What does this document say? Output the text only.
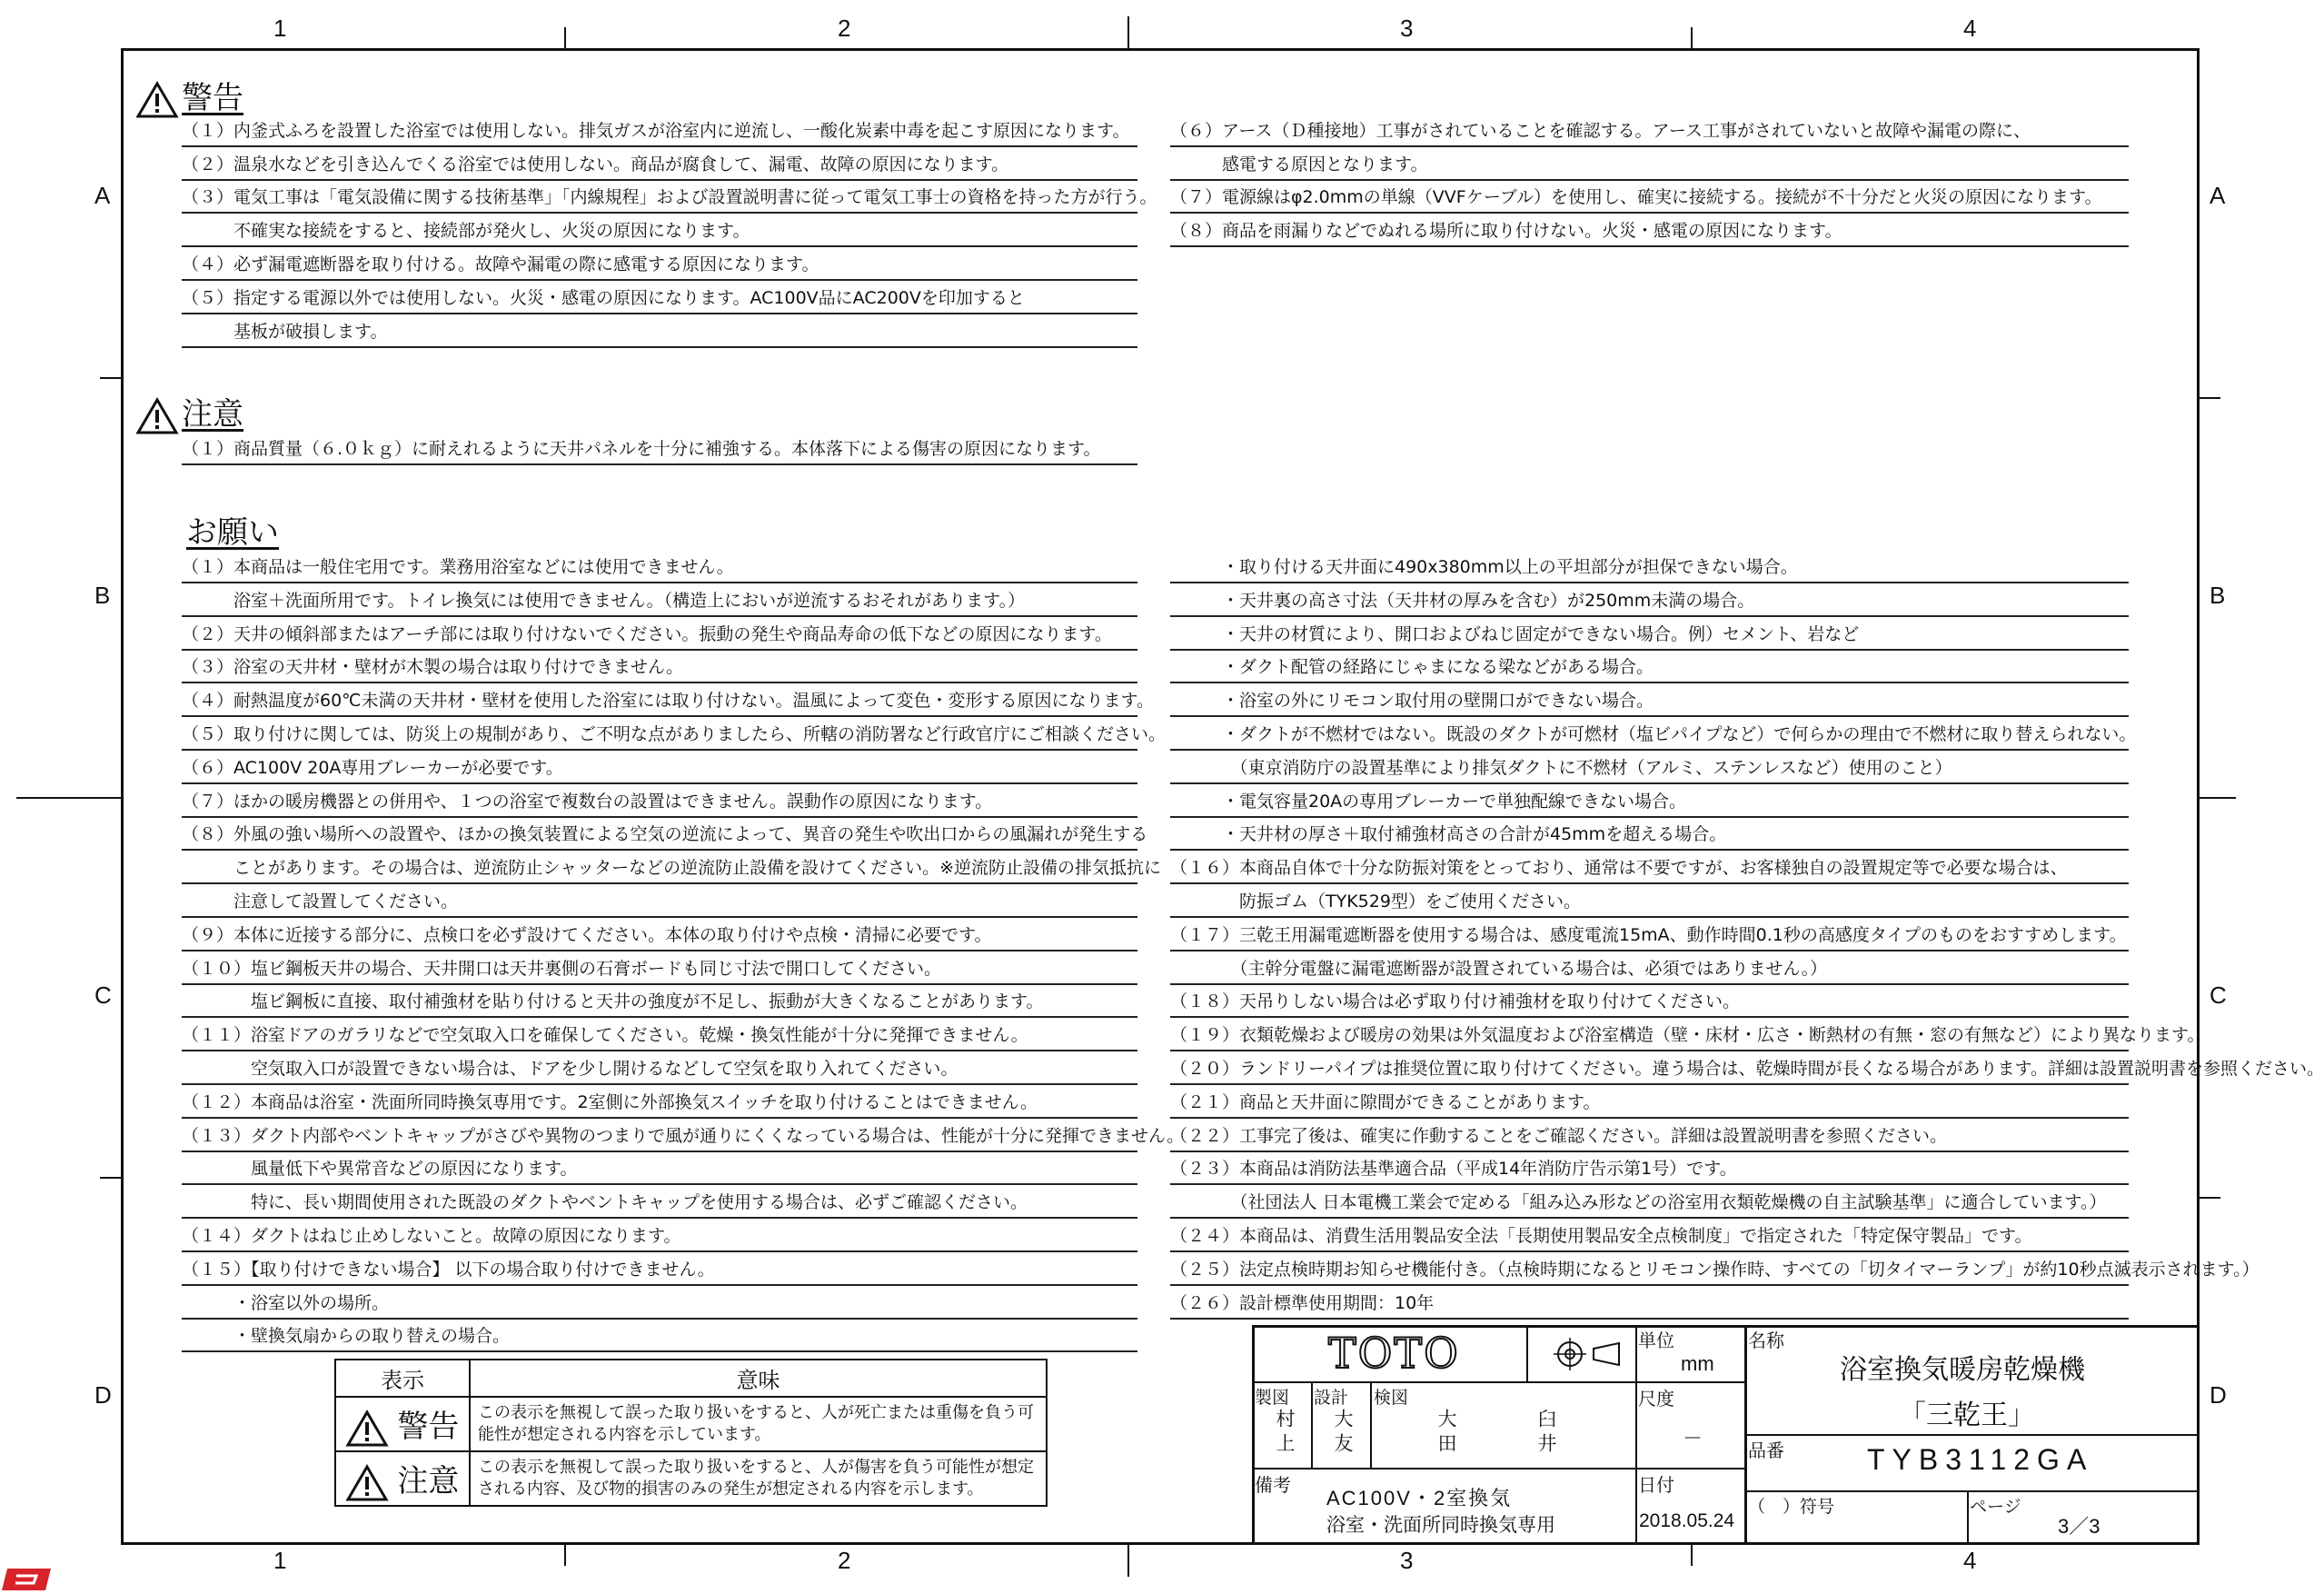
1	2	3	4
1	2	3	4
A
B
C
D
A
B
C
D
警告
注意
お願い
（１）内釜式ふろを設置した浴室では使用しない。排気ガスが浴室内に逆流し、一酸化炭素中毒を起こす原因になります。
（２）温泉水などを引き込んでくる浴室では使用しない。商品が腐食して、漏電、故障の原因になります。
（３）電気工事は「電気設備に関する技術基準」「内線規程」および設置説明書に従って電気工事士の資格を持った方が行う。
　　　不確実な接続をすると、接続部が発火し、火災の原因になります。
（４）必ず漏電遮断器を取り付ける。故障や漏電の際に感電する原因になります。
（５）指定する電源以外では使用しない。火災・感電の原因になります。AC100V品にAC200Vを印加すると
　　　基板が破損します。
（６）アース（Ｄ種接地）工事がされていることを確認する。アース工事がされていないと故障や漏電の際に、
　　　感電する原因となります。
（７）電源線はφ2.0mmの単線（VVFケーブル）を使用し、確実に接続する。接続が不十分だと火災の原因になります。
（８）商品を雨漏りなどでぬれる場所に取り付けない。火災・感電の原因になります。
（１）商品質量（６.０ｋｇ）に耐えれるように天井パネルを十分に補強する。本体落下による傷害の原因になります。
（１）本商品は一般住宅用です。業務用浴室などには使用できません。
　　　浴室＋洗面所用です。トイレ換気には使用できません。（構造上においが逆流するおそれがあります。）
（２）天井の傾斜部またはアーチ部には取り付けないでください。振動の発生や商品寿命の低下などの原因になります。
（３）浴室の天井材・壁材が木製の場合は取り付けできません。
（４）耐熱温度が60℃未満の天井材・壁材を使用した浴室には取り付けない。温風によって変色・変形する原因になります。
（５）取り付けに関しては、防災上の規制があり、ご不明な点がありましたら、所轄の消防署など行政官庁にご相談ください。
（６）AC100V 20A専用ブレーカーが必要です。
（７）ほかの暖房機器との併用や、１つの浴室で複数台の設置はできません。誤動作の原因になります。
（８）外風の強い場所への設置や、ほかの換気装置による空気の逆流によって、異音の発生や吹出口からの風漏れが発生する
　　　ことがあります。その場合は、逆流防止シャッターなどの逆流防止設備を設けてください。※逆流防止設備の排気抵抗に
　　　注意して設置してください。
（９）本体に近接する部分に、点検口を必ず設けてください。本体の取り付けや点検・清掃に必要です。
（１０）塩ビ鋼板天井の場合、天井開口は天井裏側の石膏ボードも同じ寸法で開口してください。
　　　　塩ビ鋼板に直接、取付補強材を貼り付けると天井の強度が不足し、振動が大きくなることがあります。
（１１）浴室ドアのガラリなどで空気取入口を確保してください。乾燥・換気性能が十分に発揮できません。
　　　　空気取入口が設置できない場合は、ドアを少し開けるなどして空気を取り入れてください。
（１２）本商品は浴室・洗面所同時換気専用です。2室側に外部換気スイッチを取り付けることはできません。
（１３）ダクト内部やベントキャップがさびや異物のつまりで風が通りにくくなっている場合は、性能が十分に発揮できません。
　　　　風量低下や異常音などの原因になります。
　　　　特に、長い期間使用された既設のダクトやベントキャップを使用する場合は、必ずご確認ください。
（１４）ダクトはねじ止めしないこと。故障の原因になります。
（１５）【取り付けできない場合】 以下の場合取り付けできません。
　　　・浴室以外の場所。
　　　・壁換気扇からの取り替えの場合。
　　　・取り付ける天井面に490x380mm以上の平坦部分が担保できない場合。
　　　・天井裏の高さ寸法（天井材の厚みを含む）が250mm未満の場合。
　　　・天井の材質により、開口およびねじ固定ができない場合。例）セメント、岩など
　　　・ダクト配管の経路にじゃまになる梁などがある場合。
　　　・浴室の外にリモコン取付用の壁開口ができない場合。
　　　・ダクトが不燃材ではない。既設のダクトが可燃材（塩ビパイプなど）で何らかの理由で不燃材に取り替えられない。
　　　　（東京消防庁の設置基準により排気ダクトに不燃材（アルミ、ステンレスなど）使用のこと）
　　　・電気容量20Aの専用ブレーカーで単独配線できない場合。
　　　・天井材の厚さ＋取付補強材高さの合計が45mmを超える場合。
（１６）本商品自体で十分な防振対策をとっており、通常は不要ですが、お客様独自の設置規定等で必要な場合は、
　　　　防振ゴム（TYK529型）をご使用ください。
（１７）三乾王用漏電遮断器を使用する場合は、感度電流15mA、動作時間0.1秒の高感度タイプのものをおすすめします。
　　　　（主幹分電盤に漏電遮断器が設置されている場合は、必須ではありません。）
（１８）天吊りしない場合は必ず取り付け補強材を取り付けてください。
（１９）衣類乾燥および暖房の効果は外気温度および浴室構造（壁・床材・広さ・断熱材の有無・窓の有無など）により異なります。
（２０）ランドリーパイプは推奨位置に取り付けてください。違う場合は、乾燥時間が長くなる場合があります。詳細は設置説明書を参照ください。
（２１）商品と天井面に隙間ができることがあります。
（２２）工事完了後は、確実に作動することをご確認ください。詳細は設置説明書を参照ください。
（２３）本商品は消防法基準適合品（平成14年消防庁告示第1号）です。
　　　　（社団法人 日本電機工業会で定める「組み込み形などの浴室用衣類乾燥機の自主試験基準」に適合しています。）
（２４）本商品は、消費生活用製品安全法「長期使用製品安全点検制度」で指定された「特定保守製品」です。
（２５）法定点検時期お知らせ機能付き。（点検時期になるとリモコン操作時、すべての「切タイマーランプ」が約10秒点滅表示されます。）
（２６）設計標準使用期間：10年
表示	意味
警告	この表示を無視して誤った取り扱いをすると、人が死亡または重傷を負う可能性が想定される内容を示しています。
注意	この表示を無視して誤った取り扱いをすると、人が傷害を負う可能性が想定される内容、及び物的損害のみの発生が想定される内容を示します。
TOTO	単位
mm
名称
浴室換気暖房乾燥機
「三乾王」
製図 設計 検図
村上 大友	大田	臼井
尺度
－
品番	TYB3112GA
備考
AC100V・2室換気
浴室・洗面所同時換気専用
日付
2018.05.24
（　）符号	ページ
3／3
